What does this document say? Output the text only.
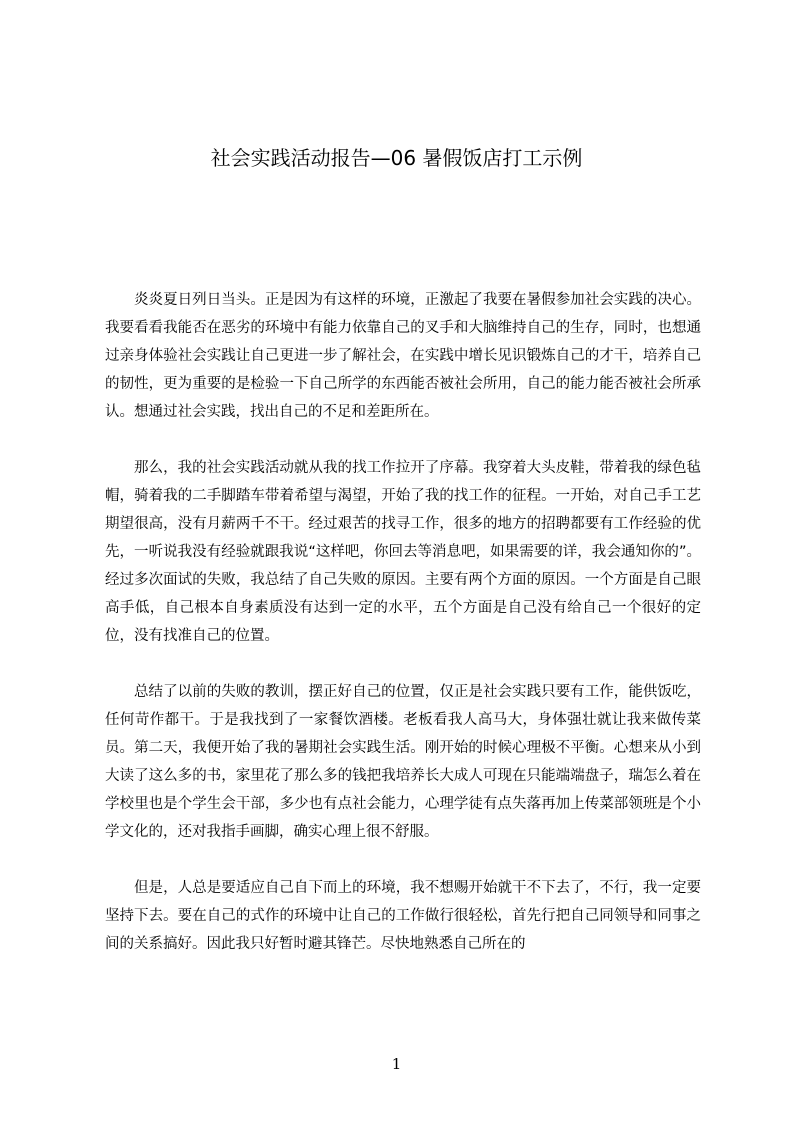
社会实践活动报告—06 暑假饭店打工示例

炎炎夏日列日当头。正是因为有这样的环境，正激起了我要在暑假参加社会实践的决心。我要看看我能否在恶劣的环境中有能力依靠自己的叉手和大脑维持自己的生存，同时，也想通过亲身体验社会实践让自己更进一步了解社会，在实践中增长见识锻炼自己的才干，培养自己的韧性，更为重要的是检验一下自己所学的东西能否被社会所用，自己的能力能否被社会所承认。想通过社会实践，找出自己的不足和差距所在。

那么，我的社会实践活动就从我的找工作拉开了序幕。我穿着大头皮鞋，带着我的绿色毡帽，骑着我的二手脚踏车带着希望与渴望，开始了我的找工作的征程。一开始，对自己手工艺期望很高，没有月薪两千不干。经过艰苦的找寻工作，很多的地方的招聘都要有工作经验的优先，一听说我没有经验就跟我说“这样吧，你回去等消息吧，如果需要的详，我会通知你的”。经过多次面试的失败，我总结了自己失败的原因。主要有两个方面的原因。一个方面是自己眼高手低，自己根本自身素质没有达到一定的水平，五个方面是自己没有给自己一个很好的定位，没有找准自己的位置。

总结了以前的失败的教训，摆正好自己的位置，仅正是社会实践只要有工作，能供饭吃，任何苛作都干。于是我找到了一家餐饮酒楼。老板看我人高马大，身体强壮就让我来做传菜员。第二天，我便开始了我的暑期社会实践生活。刚开始的时候心理极不平衡。心想来从小到大读了这么多的书，家里花了那么多的钱把我培养长大成人可现在只能端端盘子，瑞怎么着在学校里也是个学生会干部，多少也有点社会能力，心理学徒有点失落再加上传菜部领班是个小学文化的，还对我指手画脚，确实心理上很不舒服。

但是，人总是要适应自己自下而上的环境，我不想赐开始就干不下去了，不行，我一定要坚持下去。要在自己的式作的环境中让自己的工作做行很轻松，首先行把自己同领导和同事之间的关系搞好。因此我只好暂时避其锋芒。尽快地熟悉自己所在的

1
